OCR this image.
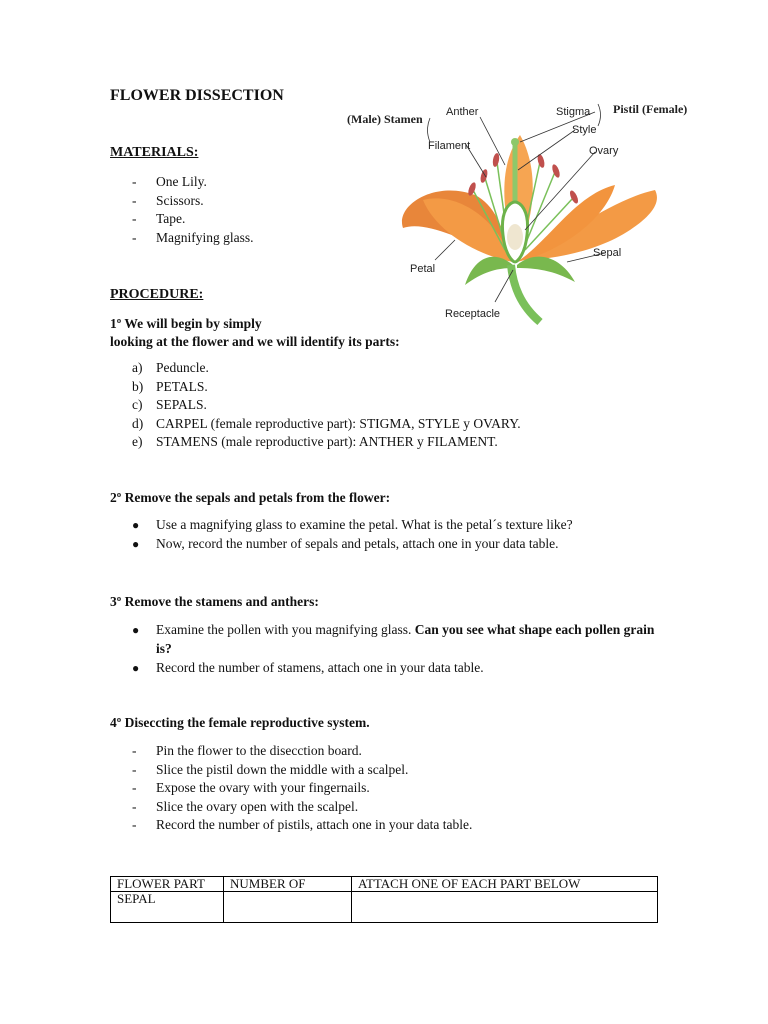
FLOWER DISSECTION
MATERIALS:
- One Lily.
- Scissors.
- Tape.
- Magnifying glass.
(Male) Stamen Anther
Filament
Stigma
Style
Ovary
Pistil (Female)
Sepal
Petal
Receptacle
PROCEDURE:
1º We will begin by simply
looking at the flower and we will identify its parts:
a) Peduncle.
b) PETALS.
c) SEPALS.
d) CARPEL (female reproductive part): STIGMA, STYLE y OVARY.
e) STAMENS (male reproductive part): ANTHER y FILAMENT.
2º Remove the sepals and petals from the flower:
● Use a magnifying glass to examine the petal. What is the petal´s texture like?
● Now, record the number of sepals and petals, attach one in your data table.
3º Remove the stamens and anthers:
● Examine the pollen with you magnifying glass. Can you see what shape each pollen grain is?
● Record the number of stamens, attach one in your data table.
4º Diseccting the female reproductive system.
- Pin the flower to the disecction board.
- Slice the pistil down the middle with a scalpel.
- Expose the ovary with your fingernails.
- Slice the ovary open with the scalpel.
- Record the number of pistils, attach one in your data table.
FLOWER PART	NUMBER OF	ATTACH ONE OF EACH PART BELOW
SEPAL		
